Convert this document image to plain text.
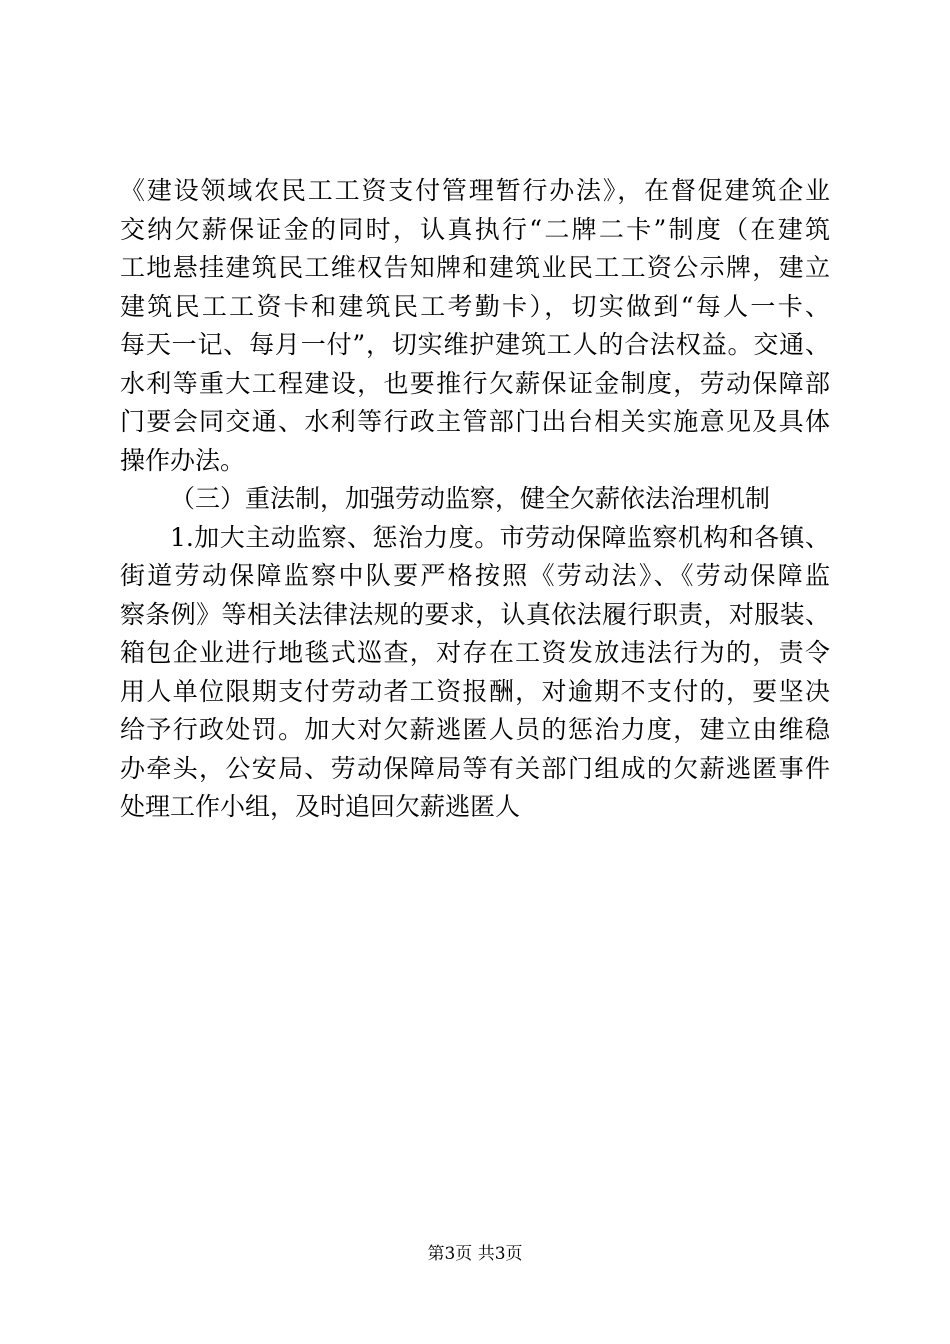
《建设领域农民工工资支付管理暂行办法》，在督促建筑企业
交纳欠薪保证金的同时，认真执行“二牌二卡”制度（在建筑
工地悬挂建筑民工维权告知牌和建筑业民工工资公示牌，建立
建筑民工工资卡和建筑民工考勤卡），切实做到“每人一卡、
每天一记、每月一付”，切实维护建筑工人的合法权益。交通、
水利等重大工程建设，也要推行欠薪保证金制度，劳动保障部
门要会同交通、水利等行政主管部门出台相关实施意见及具体
操作办法。
（三）重法制，加强劳动监察，健全欠薪依法治理机制
1.加大主动监察、惩治力度。市劳动保障监察机构和各镇、
街道劳动保障监察中队要严格按照《劳动法》、《劳动保障监
察条例》等相关法律法规的要求，认真依法履行职责，对服装、
箱包企业进行地毯式巡查，对存在工资发放违法行为的，责令
用人单位限期支付劳动者工资报酬，对逾期不支付的，要坚决
给予行政处罚。加大对欠薪逃匿人员的惩治力度，建立由维稳
办牵头，公安局、劳动保障局等有关部门组成的欠薪逃匿事件
处理工作小组，及时追回欠薪逃匿人
第3页 共3页
